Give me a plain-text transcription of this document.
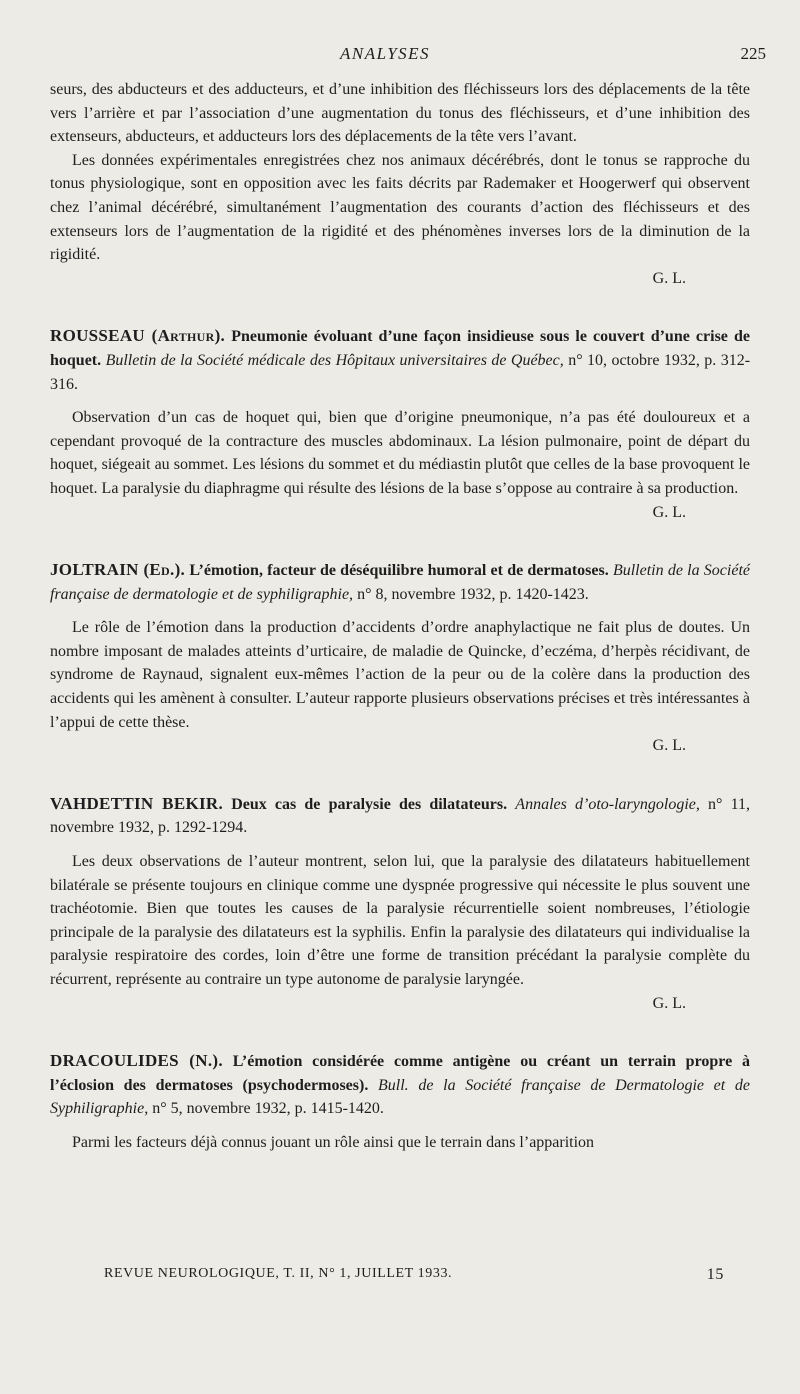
ANALYSES	225

seurs, des abducteurs et des adducteurs, et d’une inhibition des fléchisseurs lors des déplacements de la tête vers l’arrière et par l’association d’une augmentation du tonus des fléchisseurs, et d’une inhibition des extenseurs, abducteurs, et adducteurs lors des déplacements de la tête vers l’avant.

Les données expérimentales enregistrées chez nos animaux décérébrés, dont le tonus se rapproche du tonus physiologique, sont en opposition avec les faits décrits par Rademaker et Hoogerwerf qui observent chez l’animal décérébré, simultanément l’augmentation des courants d’action des fléchisseurs et des extenseurs lors de l’augmentation de la rigidité et des phénomènes inverses lors de la diminution de la rigidité.

G. L.

ROUSSEAU (Arthur). Pneumonie évoluant d’une façon insidieuse sous le couvert d’une crise de hoquet. Bulletin de la Société médicale des Hôpitaux universitaires de Québec, n° 10, octobre 1932, p. 312-316.

Observation d’un cas de hoquet qui, bien que d’origine pneumonique, n’a pas été douloureux et a cependant provoqué de la contracture des muscles abdominaux. La lésion pulmonaire, point de départ du hoquet, siégeait au sommet. Les lésions du sommet et du médiastin plutôt que celles de la base provoquent le hoquet. La paralysie du diaphragme qui résulte des lésions de la base s’oppose au contraire à sa production.

G. L.

JOLTRAIN (Ed.). L’émotion, facteur de déséquilibre humoral et de dermatoses. Bulletin de la Société française de dermatologie et de syphiligraphie, n° 8, novembre 1932, p. 1420-1423.

Le rôle de l’émotion dans la production d’accidents d’ordre anaphylactique ne fait plus de doutes. Un nombre imposant de malades atteints d’urticaire, de maladie de Quincke, d’eczéma, d’herpès récidivant, de syndrome de Raynaud, signalent eux-mêmes l’action de la peur ou de la colère dans la production des accidents qui les amènent à consulter. L’auteur rapporte plusieurs observations précises et très intéressantes à l’appui de cette thèse.

G. L.

VAHDETTIN BEKIR. Deux cas de paralysie des dilatateurs. Annales d’oto-laryngologie, n° 11, novembre 1932, p. 1292-1294.

Les deux observations de l’auteur montrent, selon lui, que la paralysie des dilatateurs habituellement bilatérale se présente toujours en clinique comme une dyspnée progressive qui nécessite le plus souvent une trachéotomie. Bien que toutes les causes de la paralysie récurrentielle soient nombreuses, l’étiologie principale de la paralysie des dilatateurs est la syphilis. Enfin la paralysie des dilatateurs qui individualise la paralysie respiratoire des cordes, loin d’être une forme de transition précédant la paralysie complète du récurrent, représente au contraire un type autonome de paralysie laryngée.

G. L.

DRACOULIDES (N.). L’émotion considérée comme antigène ou créant un terrain propre à l’éclosion des dermatoses (psychodermoses). Bull. de la Société française de Dermatologie et de Syphiligraphie, n° 5, novembre 1932, p. 1415-1420.

Parmi les facteurs déjà connus jouant un rôle ainsi que le terrain dans l’apparition

REVUE NEUROLOGIQUE, T. II, N° 1, JUILLET 1933.	15
